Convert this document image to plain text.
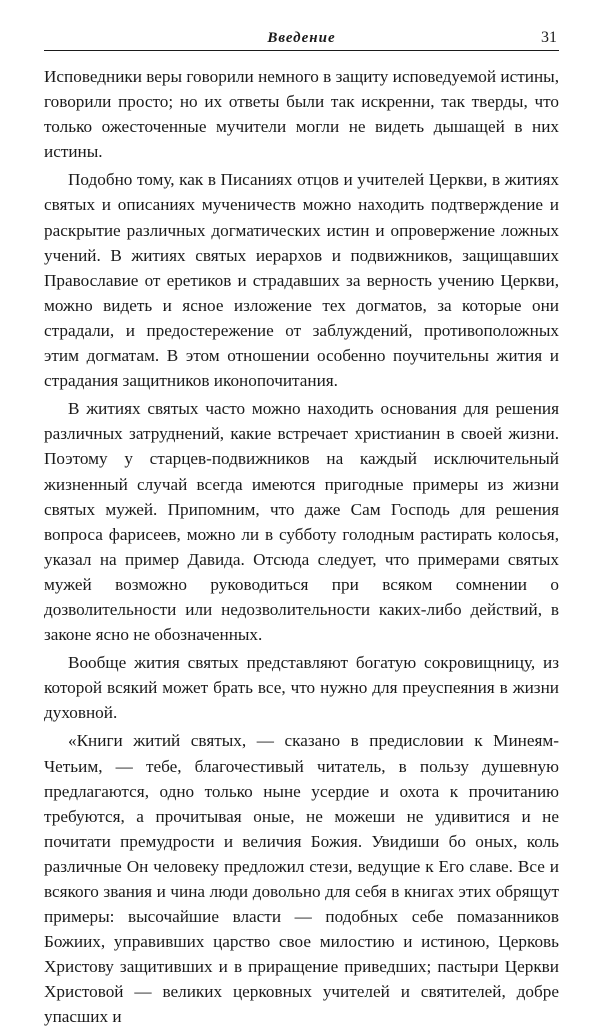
Введение	31

Исповедники веры говорили немного в защиту исповедуемой истины, говорили просто; но их ответы были так искренни, так тверды, что только ожесточенные мучители могли не видеть дышащей в них истины.

Подобно тому, как в Писаниях отцов и учителей Церкви, в житиях святых и описаниях мученичеств можно находить подтверждение и раскрытие различных догматических истин и опровержение ложных учений. В житиях святых иерархов и подвижников, защищавших Православие от еретиков и страдавших за верность учению Церкви, можно видеть и ясное изложение тех догматов, за которые они страдали, и предостережение от заблуждений, противоположных этим догматам. В этом отношении особенно поучительны жития и страдания защитников иконопочитания.

В житиях святых часто можно находить основания для решения различных затруднений, какие встречает христианин в своей жизни. Поэтому у старцев-подвижников на каждый исключительный жизненный случай всегда имеются пригодные примеры из жизни святых мужей. Припомним, что даже Сам Господь для решения вопроса фарисеев, можно ли в субботу голодным растирать колосья, указал на пример Давида. Отсюда следует, что примерами святых мужей возможно руководиться при всяком сомнении о дозволительности или недозволительности каких-либо действий, в законе ясно не обозначенных.

Вообще жития святых представляют богатую сокровищницу, из которой всякий может брать все, что нужно для преуспеяния в жизни духовной.

«Книги житий святых, — сказано в предисловии к Минеям-Четьим, — тебе, благочестивый читатель, в пользу душевную предлагаются, одно только ныне усердие и охота к прочитанию требуются, а прочитывая оные, не можеши не удивитися и не почитати премудрости и величия Божия. Увидиши бо оных, коль различные Он человеку предложил стези, ведущие к Его славе. Все и всякого звания и чина люди довольно для себя в книгах этих обрящут примеры: высочайшие власти — подобных себе помазанников Божиих, управивших царство свое милостию и истиною, Церковь Христову защитивших и в приращение приведших; пастыри Церкви Христовой — великих церковных учителей и святителей, добре упасших и
